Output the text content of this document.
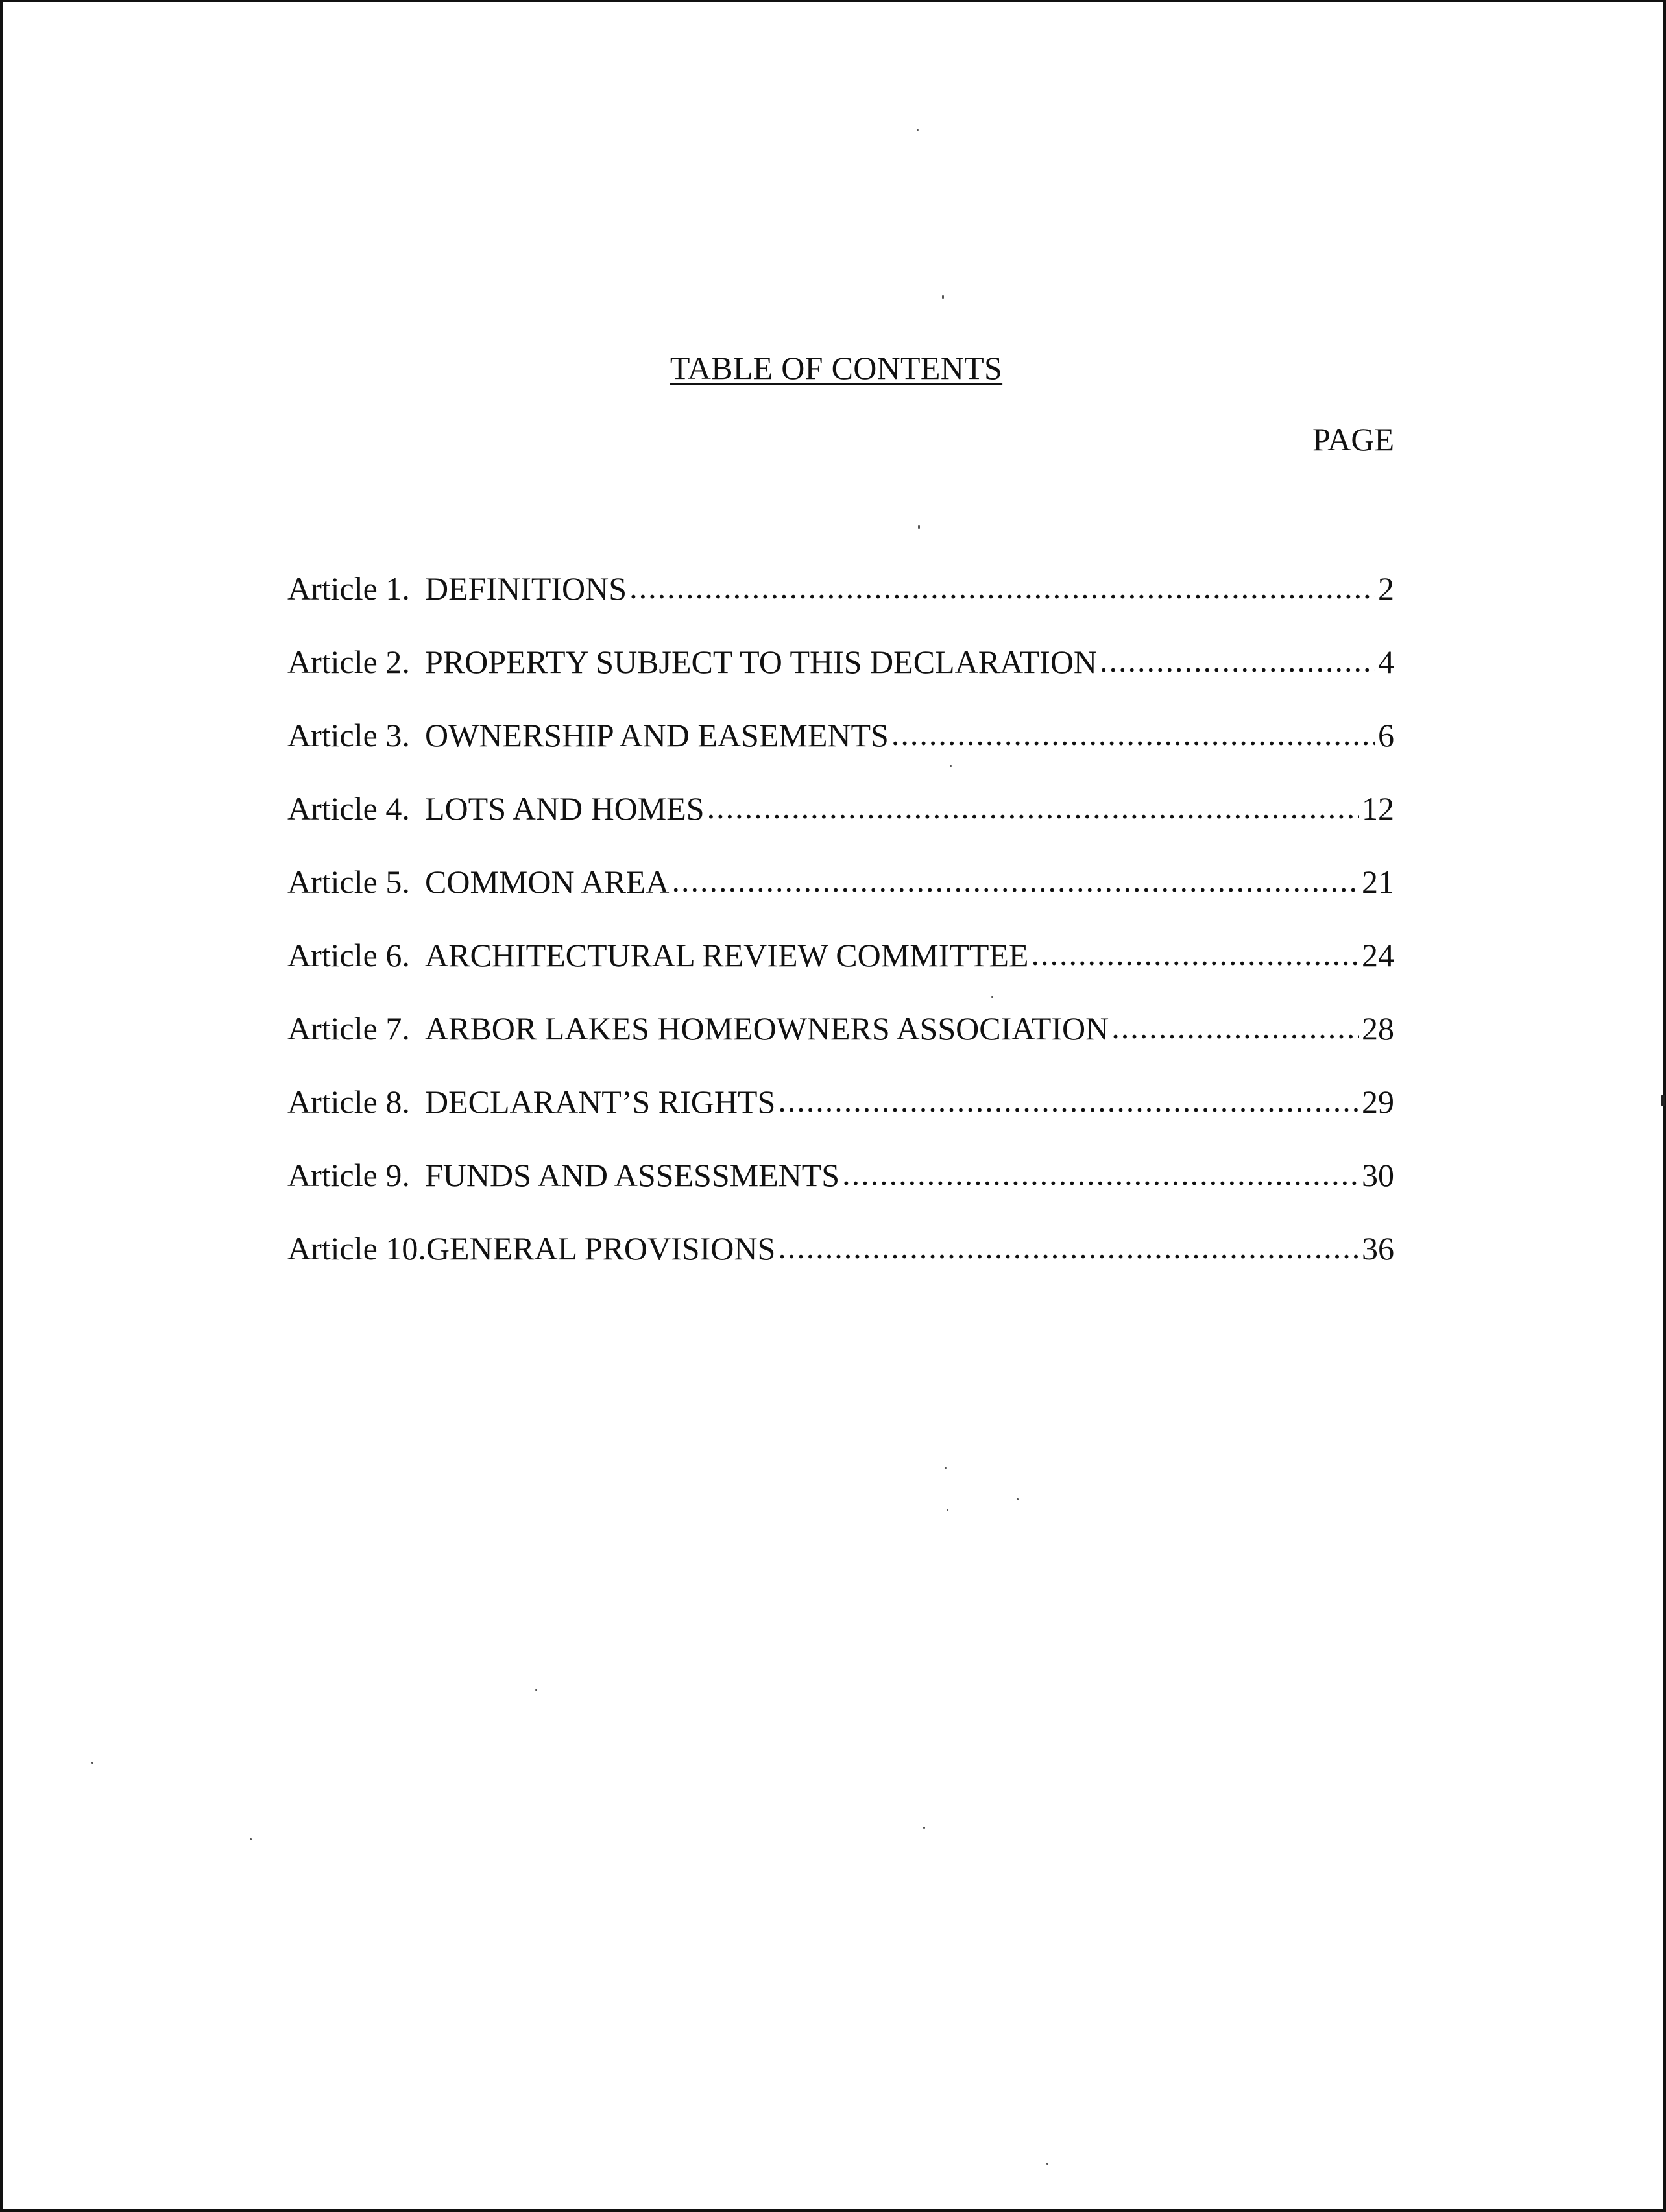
TABLE OF CONTENTS
PAGE
Article 1. DEFINITIONS .....	2
Article 2. PROPERTY SUBJECT TO THIS DECLARATION .....	4
Article 3. OWNERSHIP AND EASEMENTS .....	6
Article 4. LOTS AND HOMES .....	12
Article 5. COMMON AREA .....	21
Article 6. ARCHITECTURAL REVIEW COMMITTEE .....	24
Article 7. ARBOR LAKES HOMEOWNERS ASSOCIATION .....	28
Article 8. DECLARANT’S RIGHTS .....	29
Article 9. FUNDS AND ASSESSMENTS .....	30
Article 10. GENERAL PROVISIONS .....	36
